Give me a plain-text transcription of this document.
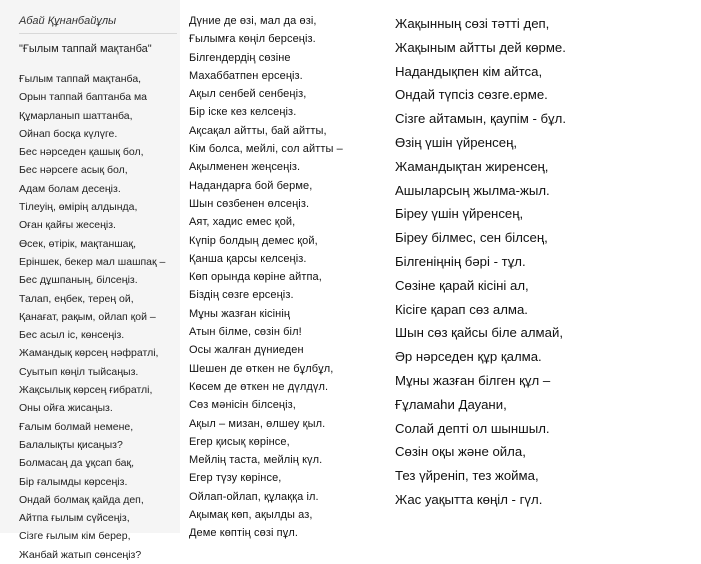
Абай Құнанбайұлы
"Ғылым таппай мақтанба"
Ғылым таппай мақтанба,
Орын таппай баптанба ма
Құмарланып шаттанба,
Ойнап босқа күлүге.
Бес нәрседен қашық бол,
Бес нәрсеге асық бол,
Адам болам десеңіз.
Тілеуің, өмірің алдында,
Оған қайғы жесеңіз.
Өсек, өтірік, мақтаншақ,
Еріншек, бекер мал шашпақ –
Бес дұшпаның, білсеңіз.
Талап, еңбек, терең ой,
Қанағат, рақым, ойлап қой –
Бес асыл іс, көнсеңіз.
Жамандық көрсең нәфратлі,
Суытып көңіл тыйсаңыз.
Жақсылық көрсең ғибратлі,
Оны ойға жисаңыз.
Ғалым болмай немене,
Балалықты қисаңыз?
Болмасаң да ұқсап бақ,
Бір ғалымды көрсеңіз.
Ондай болмақ қайда деп,
Айтпа ғылым сүйсеңіз,
Сізге ғылым кім берер,
Жанбай жатып сөнсеңіз?
Дүние де өзі, мал да өзі,
Ғылымға көңіл берсеңіз.
Білгендердің сөзіне
Махаббатпен ерсеңіз.
Ақыл сенбей сенбеңіз,
Бір іске кез келсеңіз.
Ақсақал айтты, бай айтты,
Кім болса, мейлі, сол айтты –
Ақылменен жеңсеңіз.
Надандарға бой берме,
Шын сөзбенен өлсеңіз.
Аят, хадис емес қой,
Күпір болдың демес қой,
Қанша қарсы келсеңіз.
Көп орында көріне айтпа,
Біздің сөзге ерсеңіз.
Мұны жазған кісінің
Атын білме, сөзін біл!
Осы жалған дүниеден
Шешен де өткен не бұлбұл,
Көсем де өткен не дүлдүл.
Сөз мәнісін білсеңіз,
Ақыл – мизан, өлшеу қыл.
Егер қисық көрінсе,
Мейлің таста, мейлің күл.
Егер түзу көрінсе,
Ойлап-ойлап, құлаққа іл.
Ақымақ көп, ақылды аз,
Деме көптің сөзі пұл.
Жақынның сөзі тәтті деп,
Жақыным айтты дей көрме.
Надандықпен кім айтса,
Ондай түпсіз сөзге.ерме.
Сізге айтамын, қаупім - бұл.
Өзің үшін үйренсең,
Жамандықтан жиренсең,
Ашыларсың жылма-жыл.
Біреу үшін үйренсең,
Біреу білмес, сен білсең,
Білгеніңнің бәрі - тұл.
Сөзіне қарай кісіні ал,
Кісіге қарап сөз алма.
Шын сөз қайсы біле алмай,
Әр нәрседен құр қалма.
Мұны жазған білген құл –
Ғұламаһи Дауани,
Солай депті ол шыншыл.
Сөзін оқы және ойла,
Тез үйреніп, тез жойма,
Жас уақытта көңіл - гүл.
